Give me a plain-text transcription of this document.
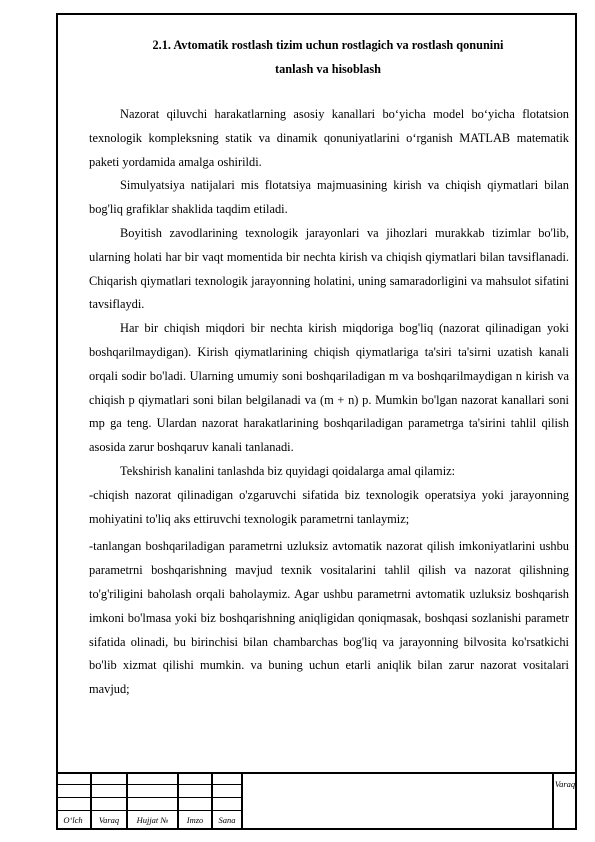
2.1. Avtomatik rostlash tizim uchun rostlagich va rostlash qonunini
tanlash va hisoblash

Nazorat qiluvchi harakatlarning asosiy kanallari bo‘yicha model bo‘yicha flotatsion texnologik kompleksning statik va dinamik qonuniyatlarini o‘rganish MATLAB matematik paketi yordamida amalga oshirildi.

Simulyatsiya natijalari mis flotatsiya majmuasining kirish va chiqish qiymatlari bilan bog'liq grafiklar shaklida taqdim etiladi.

Boyitish zavodlarining texnologik jarayonlari va jihozlari murakkab tizimlar bo'lib, ularning holati har bir vaqt momentida bir nechta kirish va chiqish qiymatlari bilan tavsiflanadi. Chiqarish qiymatlari texnologik jarayonning holatini, uning samaradorligini va mahsulot sifatini tavsiflaydi.

Har bir chiqish miqdori bir nechta kirish miqdoriga bog'liq (nazorat qilinadigan yoki boshqarilmaydigan). Kirish qiymatlarining chiqish qiymatlariga ta'siri ta'sirni uzatish kanali orqali sodir bo'ladi. Ularning umumiy soni boshqariladigan m va boshqarilmaydigan n kirish va chiqish p qiymatlari soni bilan belgilanadi va (m + n) p. Mumkin bo'lgan nazorat kanallari soni mp ga teng. Ulardan nazorat harakatlarining boshqariladigan parametrga ta'sirini tahlil qilish asosida zarur boshqaruv kanali tanlanadi.

Tekshirish kanalini tanlashda biz quyidagi qoidalarga amal qilamiz:

-chiqish nazorat qilinadigan o'zgaruvchi sifatida biz texnologik operatsiya yoki jarayonning mohiyatini to'liq aks ettiruvchi texnologik parametrni tanlaymiz;

-tanlangan boshqariladigan parametrni uzluksiz avtomatik nazorat qilish imkoniyatlarini ushbu parametrni boshqarishning mavjud texnik vositalarini tahlil qilish va nazorat qilishning to'g'riligini baholash orqali baholaymiz. Agar ushbu parametrni avtomatik uzluksiz boshqarish imkoni bo'lmasa yoki biz boshqarishning aniqligidan qoniqmasak, boshqasi sozlanishi parametr sifatida olinadi, bu birinchisi bilan chambarchas bog'liq va jarayonning bilvosita ko'rsatkichi bo'lib xizmat qilishi mumkin. va buning uchun etarli aniqlik bilan zarur nazorat vositalari mavjud;

O‘lch	Varaq	Hujjat №	Imzo	Sana
Varaq
